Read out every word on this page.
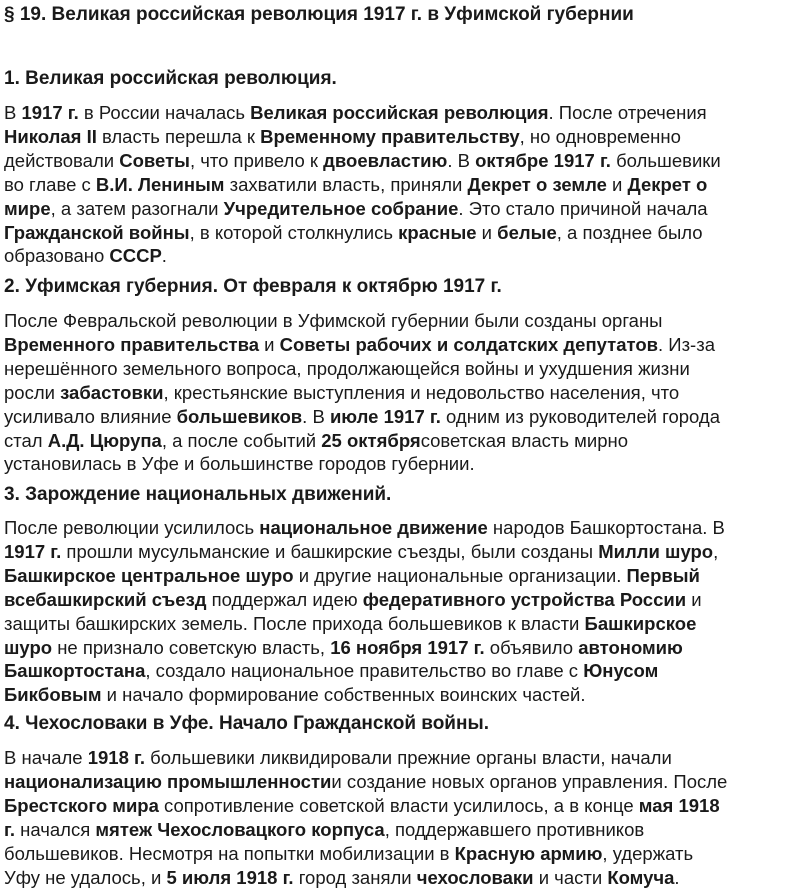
§ 19. Великая российская революция 1917 г. в Уфимской губернии
1. Великая российская революция.
В 1917 г. в России началась Великая российская революция. После отречения
Николая II власть перешла к Временному правительству, но одновременно
действовали Советы, что привело к двоевластию. В октябре 1917 г. большевики
во главе с В.И. Лениным захватили власть, приняли Декрет о земле и Декрет о
мире, а затем разогнали Учредительное собрание. Это стало причиной начала
Гражданской войны, в которой столкнулись красные и белые, а позднее было
образовано СССР.
2. Уфимская губерния. От февраля к октябрю 1917 г.
После Февральской революции в Уфимской губернии были созданы органы
Временного правительства и Советы рабочих и солдатских депутатов. Из-за
нерешённого земельного вопроса, продолжающейся войны и ухудшения жизни
росли забастовки, крестьянские выступления и недовольство населения, что
усиливало влияние большевиков. В июле 1917 г. одним из руководителей города
стал А.Д. Цюрупа, а после событий 25 октябрясоветская власть мирно
установилась в Уфе и большинстве городов губернии.
3. Зарождение национальных движений.
После революции усилилось национальное движение народов Башкортостана. В
1917 г. прошли мусульманские и башкирские съезды, были созданы Милли шуро,
Башкирское центральное шуро и другие национальные организации. Первый
всебашкирский съезд поддержал идею федеративного устройства России и
защиты башкирских земель. После прихода большевиков к власти Башкирское
шуро не признало советскую власть, 16 ноября 1917 г. объявило автономию
Башкортостана, создало национальное правительство во главе с Юнусом
Бикбовым и начало формирование собственных воинских частей.
4. Чехословаки в Уфе. Начало Гражданской войны.
В начале 1918 г. большевики ликвидировали прежние органы власти, начали
национализацию промышленностии создание новых органов управления. После
Брестского мира сопротивление советской власти усилилось, а в конце мая 1918
г. начался мятеж Чехословацкого корпуса, поддержавшего противников
большевиков. Несмотря на попытки мобилизации в Красную армию, удержать
Уфу не удалось, и 5 июля 1918 г. город заняли чехословаки и части Комуча.
